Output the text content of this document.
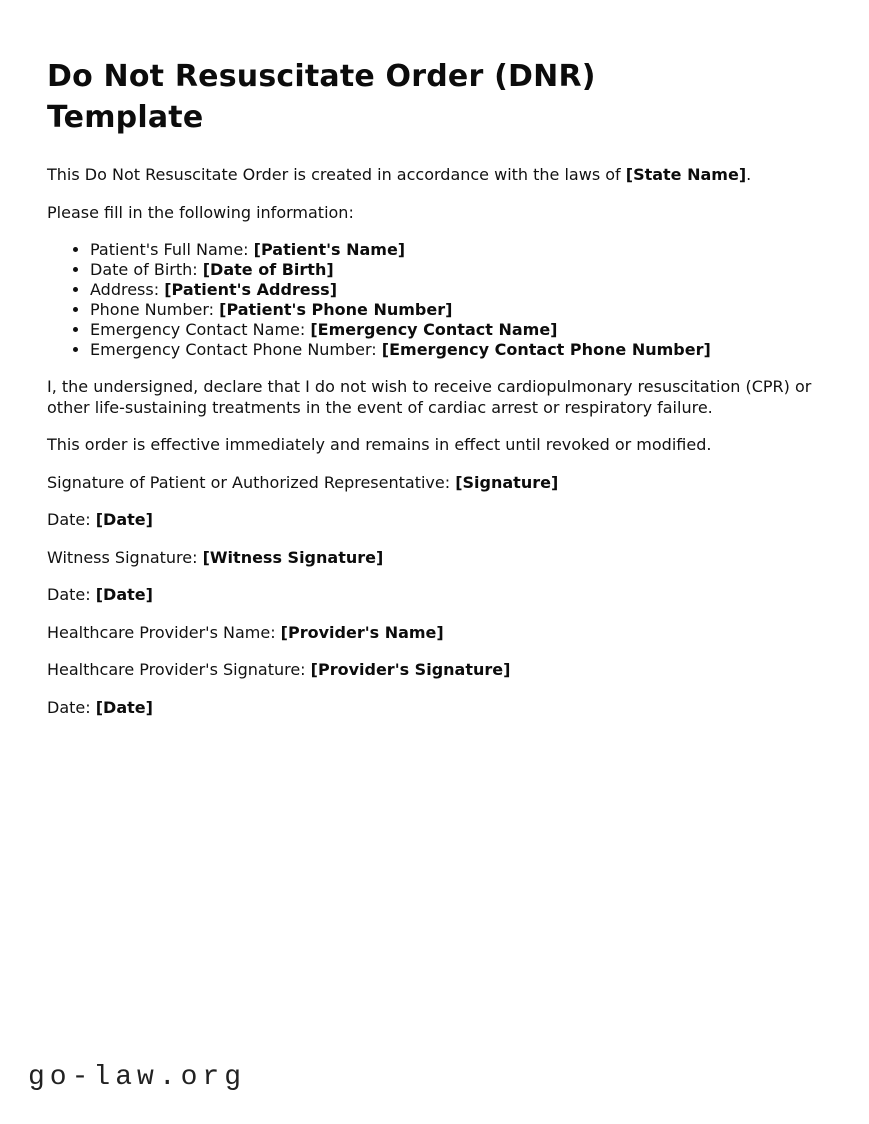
Do Not Resuscitate Order (DNR) Template

This Do Not Resuscitate Order is created in accordance with the laws of [State Name].

Please fill in the following information:

• Patient's Full Name: [Patient's Name]
• Date of Birth: [Date of Birth]
• Address: [Patient's Address]
• Phone Number: [Patient's Phone Number]
• Emergency Contact Name: [Emergency Contact Name]
• Emergency Contact Phone Number: [Emergency Contact Phone Number]

I, the undersigned, declare that I do not wish to receive cardiopulmonary resuscitation (CPR) or other life-sustaining treatments in the event of cardiac arrest or respiratory failure.

This order is effective immediately and remains in effect until revoked or modified.

Signature of Patient or Authorized Representative: [Signature]

Date: [Date]

Witness Signature: [Witness Signature]

Date: [Date]

Healthcare Provider's Name: [Provider's Name]

Healthcare Provider's Signature: [Provider's Signature]

Date: [Date]

go-law.org
